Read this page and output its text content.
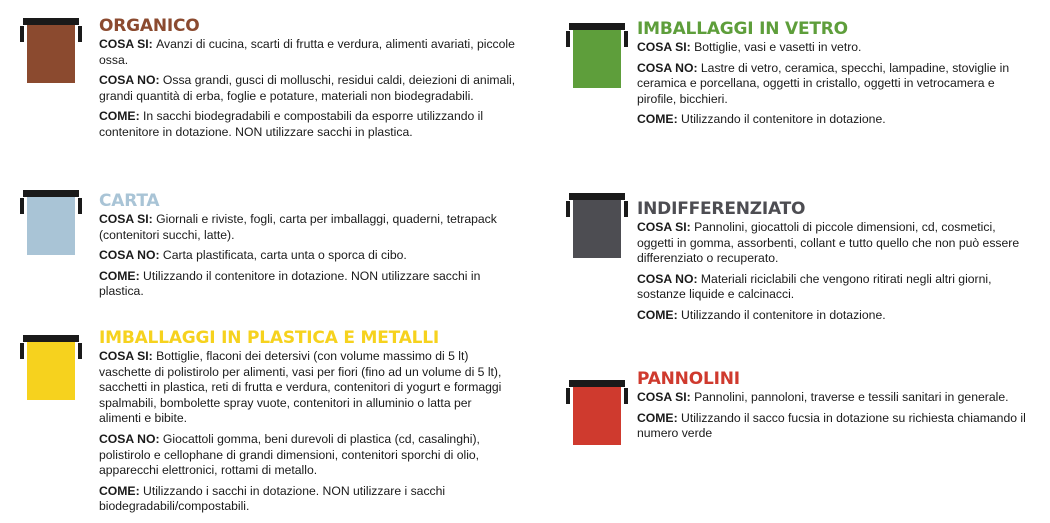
ORGANICO

COSA SI: Avanzi di cucina, scarti di frutta e verdura, alimenti avariati, piccole ossa.

COSA NO: Ossa grandi, gusci di molluschi, residui caldi, deiezioni di animali, grandi quantità di erba, foglie e potature, materiali non biodegradabili.

COME: In sacchi biodegradabili e compostabili da esporre utilizzando il contenitore in dotazione. NON utilizzare sacchi in plastica.

CARTA

COSA SI: Giornali e riviste, fogli, carta per imballaggi, quaderni, tetrapack (contenitori succhi, latte).

COSA NO: Carta plastificata, carta unta o sporca di cibo.

COME: Utilizzando il contenitore in dotazione. NON utilizzare sacchi in plastica.

IMBALLAGGI IN PLASTICA E METALLI

COSA SI: Bottiglie, flaconi dei detersivi (con volume massimo di 5 lt) vaschette di polistirolo per alimenti, vasi per fiori (fino ad un volume di 5 lt), sacchetti in plastica, reti di frutta e verdura, contenitori di yogurt e formaggi spalmabili, bombolette spray vuote, contenitori in alluminio o latta per alimenti e bibite.

COSA NO: Giocattoli gomma, beni durevoli di plastica (cd, casalinghi), polistirolo e cellophane di grandi dimensioni, contenitori sporchi di olio, apparecchi elettronici, rottami di metallo.

COME: Utilizzando i sacchi in dotazione. NON utilizzare i sacchi biodegradabili/compostabili.

IMBALLAGGI IN VETRO

COSA SI: Bottiglie, vasi e vasetti in vetro.

COSA NO: Lastre di vetro, ceramica, specchi, lampadine, stoviglie in ceramica e porcellana, oggetti in cristallo, oggetti in vetrocamera e pirofile, bicchieri.

COME: Utilizzando il contenitore in dotazione.

INDIFFERENZIATO

COSA SI: Pannolini, giocattoli di piccole dimensioni, cd, cosmetici, oggetti in gomma, assorbenti, collant e tutto quello che non può essere differenziato o recuperato.

COSA NO: Materiali riciclabili che vengono ritirati negli altri giorni, sostanze liquide e calcinacci.

COME: Utilizzando il contenitore in dotazione.

PANNOLINI

COSA SI: Pannolini, pannoloni, traverse e tessili sanitari in generale.

COME: Utilizzando il sacco fucsia in dotazione su richiesta chiamando il numero verde
